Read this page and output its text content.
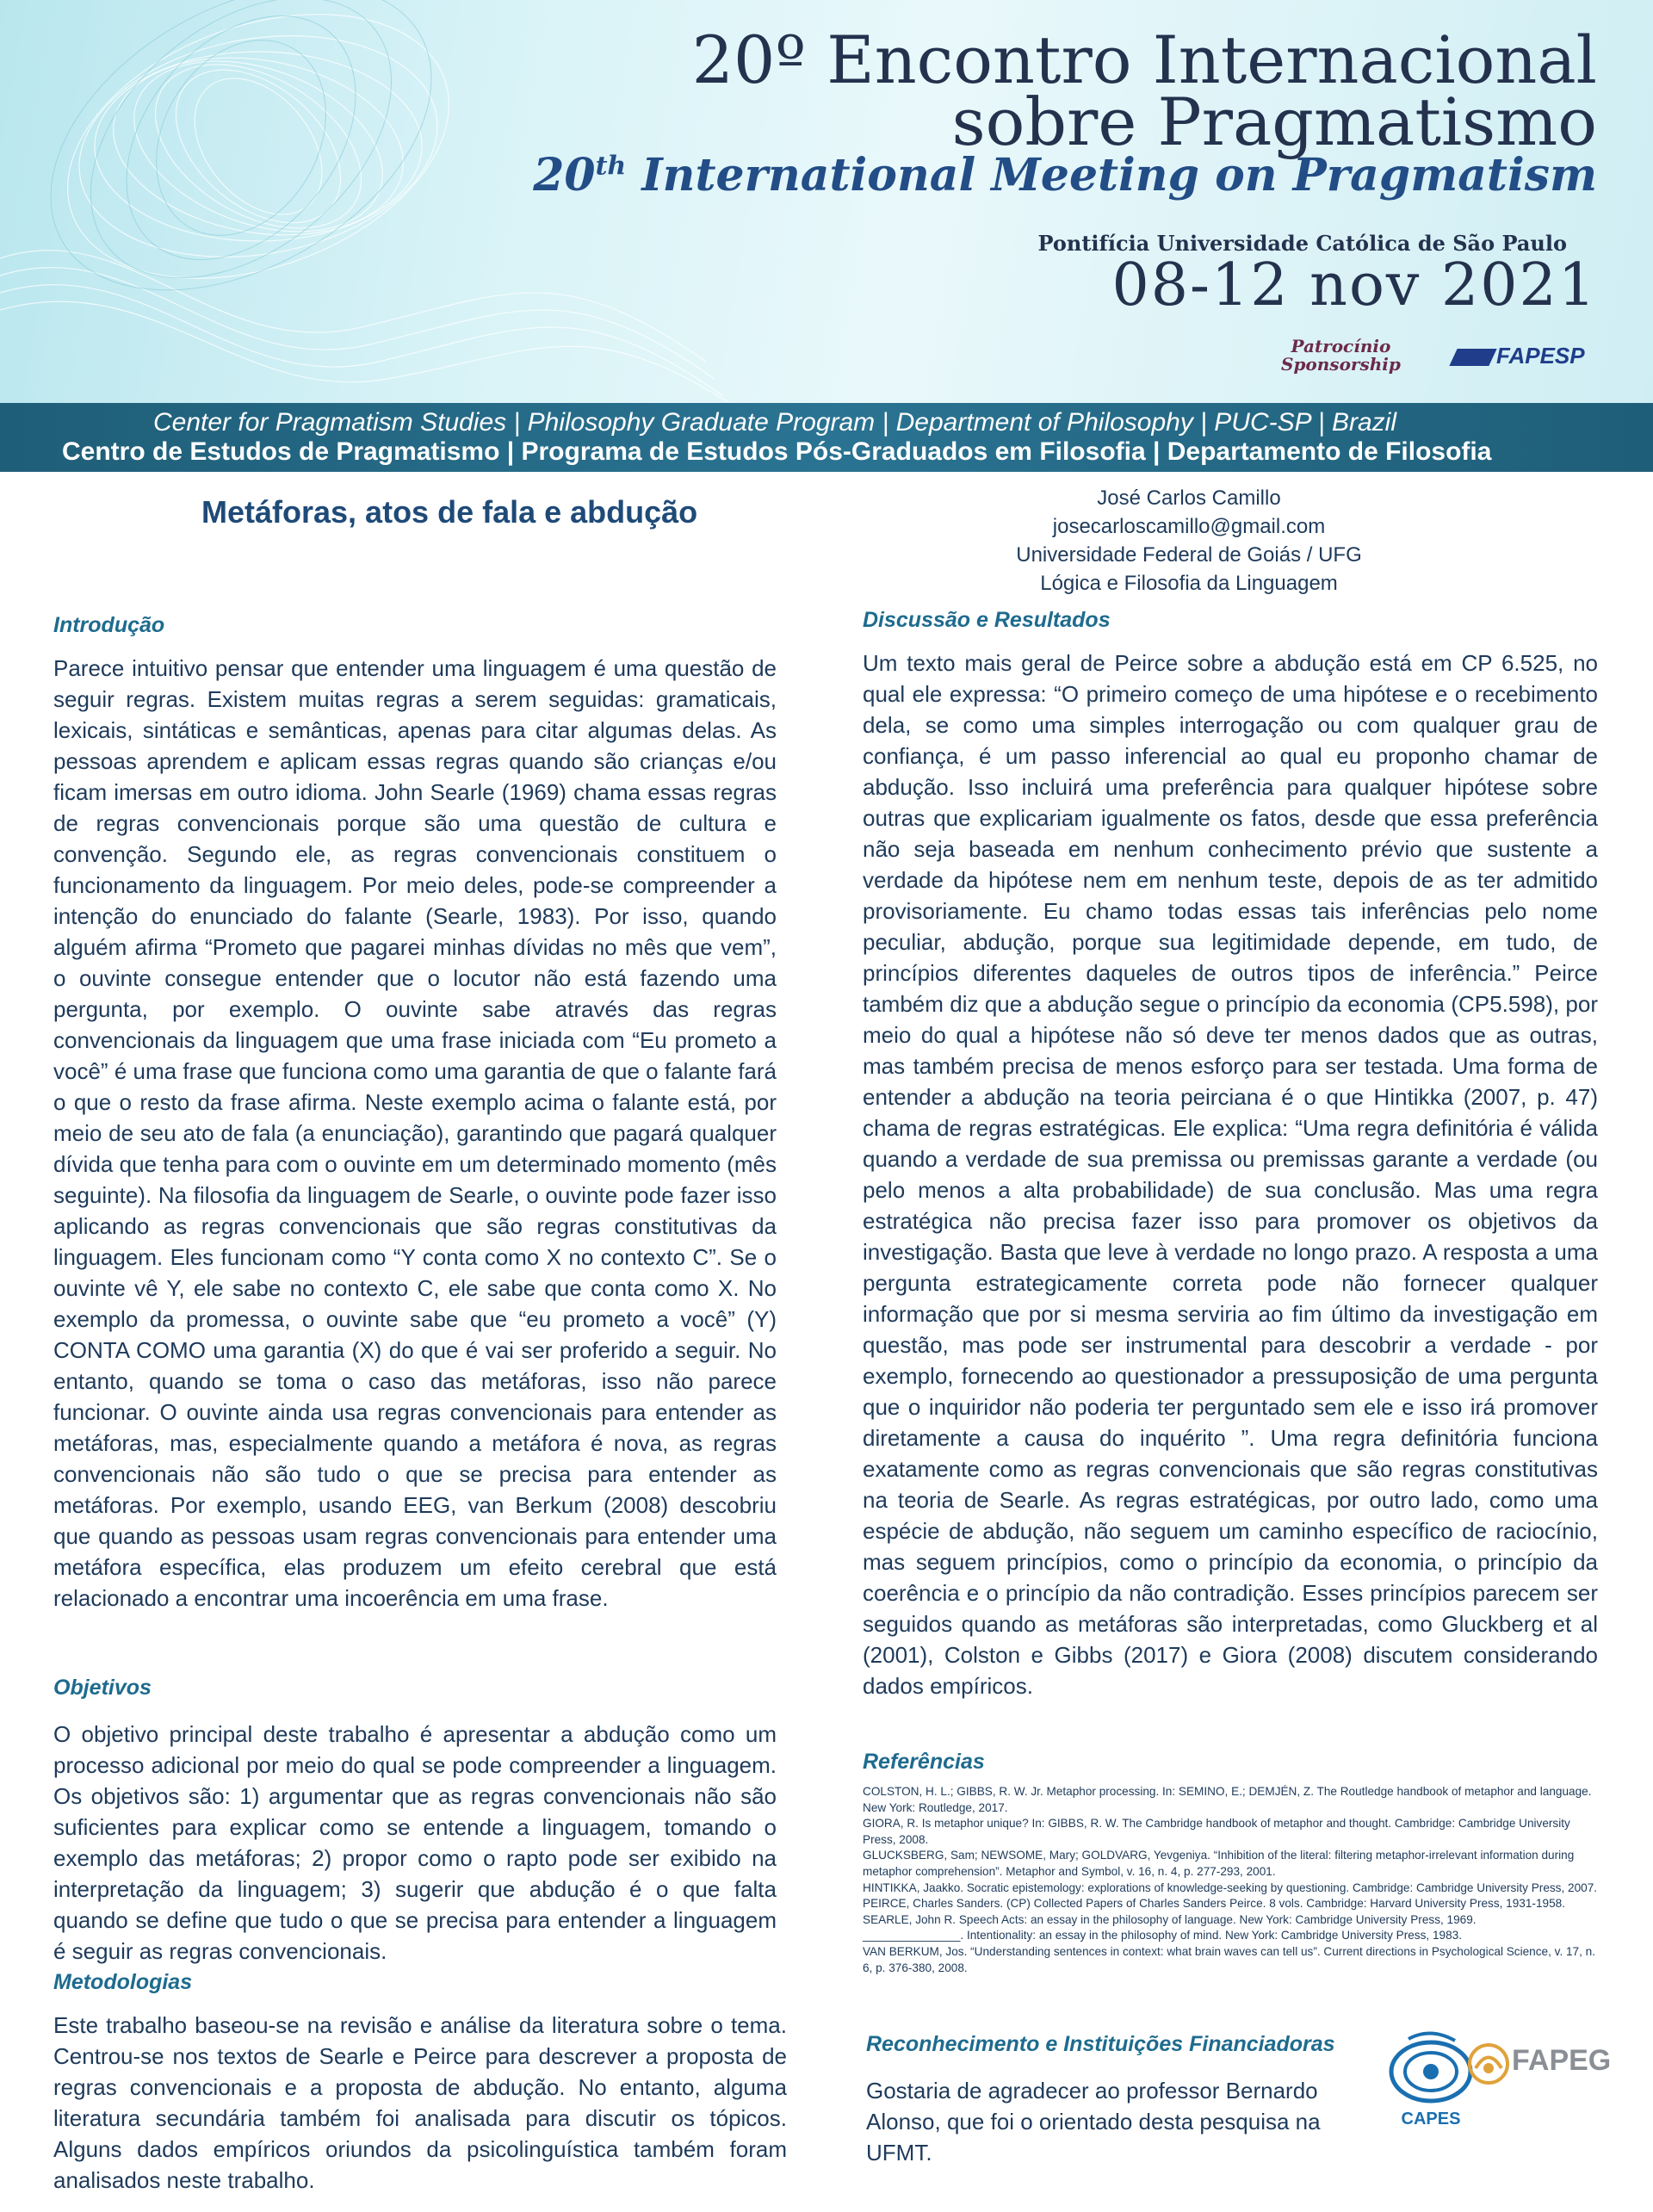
20º Encontro Internacional
sobre Pragmatismo
20th International Meeting on Pragmatism
Pontifícia Universidade Católica de São Paulo
08-12 nov 2021
Patrocínio
Sponsorship	FAPESP
Center for Pragmatism Studies | Philosophy Graduate Program | Department of Philosophy | PUC-SP | Brazil
Centro de Estudos de Pragmatismo | Programa de Estudos Pós-Graduados em Filosofia | Departamento de Filosofia
Metáforas, atos de fala e abdução	José Carlos Camillo
josecarloscamillo@gmail.com
Universidade Federal de Goiás / UFG
Lógica e Filosofia da Linguagem
Introdução

Parece intuitivo pensar que entender uma linguagem é uma questão de seguir regras. Existem muitas regras a serem seguidas: gramaticais, lexicais, sintáticas e semânticas, apenas para citar algumas delas. As pessoas aprendem e aplicam essas regras quando são crianças e/ou ficam imersas em outro idioma. John Searle (1969) chama essas regras de regras convencionais porque são uma questão de cultura e convenção. Segundo ele, as regras convencionais constituem o funcionamento da linguagem. Por meio deles, pode-se compreender a intenção do enunciado do falante (Searle, 1983). Por isso, quando alguém afirma “Prometo que pagarei minhas dívidas no mês que vem”, o ouvinte consegue entender que o locutor não está fazendo uma pergunta, por exemplo. O ouvinte sabe através das regras convencionais da linguagem que uma frase iniciada com “Eu prometo a você” é uma frase que funciona como uma garantia de que o falante fará o que o resto da frase afirma. Neste exemplo acima o falante está, por meio de seu ato de fala (a enunciação), garantindo que pagará qualquer dívida que tenha para com o ouvinte em um determinado momento (mês seguinte). Na filosofia da linguagem de Searle, o ouvinte pode fazer isso aplicando as regras convencionais que são regras constitutivas da linguagem. Eles funcionam como “Y conta como X no contexto C”. Se o ouvinte vê Y, ele sabe no contexto C, ele sabe que conta como X. No exemplo da promessa, o ouvinte sabe que “eu prometo a você” (Y) CONTA COMO uma garantia (X) do que é vai ser proferido a seguir. No entanto, quando se toma o caso das metáforas, isso não parece funcionar. O ouvinte ainda usa regras convencionais para entender as metáforas, mas, especialmente quando a metáfora é nova, as regras convencionais não são tudo o que se precisa para entender as metáforas. Por exemplo, usando EEG, van Berkum (2008) descobriu que quando as pessoas usam regras convencionais para entender uma metáfora específica, elas produzem um efeito cerebral que está relacionado a encontrar uma incoerência em uma frase.

Objetivos

O objetivo principal deste trabalho é apresentar a abdução como um processo adicional por meio do qual se pode compreender a linguagem. Os objetivos são: 1) argumentar que as regras convencionais não são suficientes para explicar como se entende a linguagem, tomando o exemplo das metáforas; 2) propor como o rapto pode ser exibido na interpretação da linguagem; 3) sugerir que abdução é o que falta quando se define que tudo o que se precisa para entender a linguagem é seguir as regras convencionais.

Metodologias

Este trabalho baseou-se na revisão e análise da literatura sobre o tema. Centrou-se nos textos de Searle e Peirce para descrever a proposta de regras convencionais e a proposta de abdução. No entanto, alguma literatura secundária também foi analisada para discutir os tópicos. Alguns dados empíricos oriundos da psicolinguística também foram analisados neste trabalho.

Discussão e Resultados

Um texto mais geral de Peirce sobre a abdução está em CP 6.525, no qual ele expressa: “O primeiro começo de uma hipótese e o recebimento dela, se como uma simples interrogação ou com qualquer grau de confiança, é um passo inferencial ao qual eu proponho chamar de abdução. Isso incluirá uma preferência para qualquer hipótese sobre outras que explicariam igualmente os fatos, desde que essa preferência não seja baseada em nenhum conhecimento prévio que sustente a verdade da hipótese nem em nenhum teste, depois de as ter admitido provisoriamente. Eu chamo todas essas tais inferências pelo nome peculiar, abdução, porque sua legitimidade depende, em tudo, de princípios diferentes daqueles de outros tipos de inferência.” Peirce também diz que a abdução segue o princípio da economia (CP5.598), por meio do qual a hipótese não só deve ter menos dados que as outras, mas também precisa de menos esforço para ser testada. Uma forma de entender a abdução na teoria peirciana é o que Hintikka (2007, p. 47) chama de regras estratégicas. Ele explica: “Uma regra definitória é válida quando a verdade de sua premissa ou premissas garante a verdade (ou pelo menos a alta probabilidade) de sua conclusão. Mas uma regra estratégica não precisa fazer isso para promover os objetivos da investigação. Basta que leve à verdade no longo prazo. A resposta a uma pergunta estrategicamente correta pode não fornecer qualquer informação que por si mesma serviria ao fim último da investigação em questão, mas pode ser instrumental para descobrir a verdade - por exemplo, fornecendo ao questionador a pressuposição de uma pergunta que o inquiridor não poderia ter perguntado sem ele e isso irá promover diretamente a causa do inquérito ”. Uma regra definitória funciona exatamente como as regras convencionais que são regras constitutivas na teoria de Searle. As regras estratégicas, por outro lado, como uma espécie de abdução, não seguem um caminho específico de raciocínio, mas seguem princípios, como o princípio da economia, o princípio da coerência e o princípio da não contradição. Esses princípios parecem ser seguidos quando as metáforas são interpretadas, como Gluckberg et al (2001), Colston e Gibbs (2017) e Giora (2008) discutem considerando dados empíricos.

Referências
COLSTON, H. L.; GIBBS, R. W. Jr. Metaphor processing. In: SEMINO, E.; DEMJÉN, Z. The Routledge handbook of metaphor and language. New York: Routledge, 2017.
GIORA, R. Is metaphor unique? In: GIBBS, R. W. The Cambridge handbook of metaphor and thought. Cambridge: Cambridge University Press, 2008.
GLUCKSBERG, Sam; NEWSOME, Mary; GOLDVARG, Yevgeniya. “Inhibition of the literal: filtering metaphor-irrelevant information during metaphor comprehension”. Metaphor and Symbol, v. 16, n. 4, p. 277-293, 2001.
HINTIKKA, Jaakko. Socratic epistemology: explorations of knowledge-seeking by questioning. Cambridge: Cambridge University Press, 2007.
PEIRCE, Charles Sanders. (CP) Collected Papers of Charles Sanders Peirce. 8 vols. Cambridge: Harvard University Press, 1931-1958.
SEARLE, John R. Speech Acts: an essay in the philosophy of language. New York: Cambridge University Press, 1969.
_______________. Intentionality: an essay in the philosophy of mind. New York: Cambridge University Press, 1983.
VAN BERKUM, Jos. “Understanding sentences in context: what brain waves can tell us”. Current directions in Psychological Science, v. 17, n. 6, p. 376-380, 2008.
Reconhecimento e Instituições Financiadoras

Gostaria de agradecer ao professor Bernardo Alonso, que foi o orientado desta pesquisa na UFMT.

CAPES
FAPEG
